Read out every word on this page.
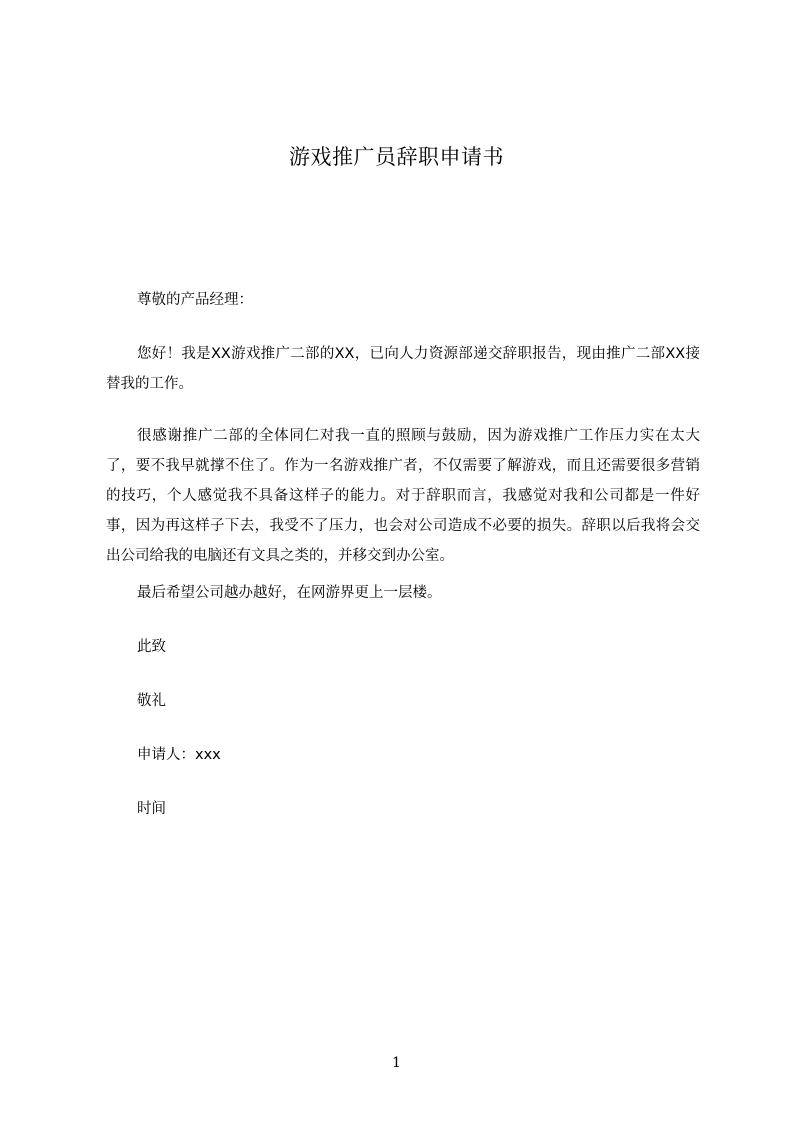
游戏推广员辞职申请书
尊敬的产品经理：
您好！我是XX游戏推广二部的XX，已向人力资源部递交辞职报告，现由推广二部XX接替我的工作。
很感谢推广二部的全体同仁对我一直的照顾与鼓励，因为游戏推广工作压力实在太大了，要不我早就撑不住了。作为一名游戏推广者，不仅需要了解游戏，而且还需要很多营销的技巧，个人感觉我不具备这样子的能力。对于辞职而言，我感觉对我和公司都是一件好事，因为再这样子下去，我受不了压力，也会对公司造成不必要的损失。辞职以后我将会交出公司给我的电脑还有文具之类的，并移交到办公室。
最后希望公司越办越好，在网游界更上一层楼。
此致
敬礼
申请人：xxx
时间
1
